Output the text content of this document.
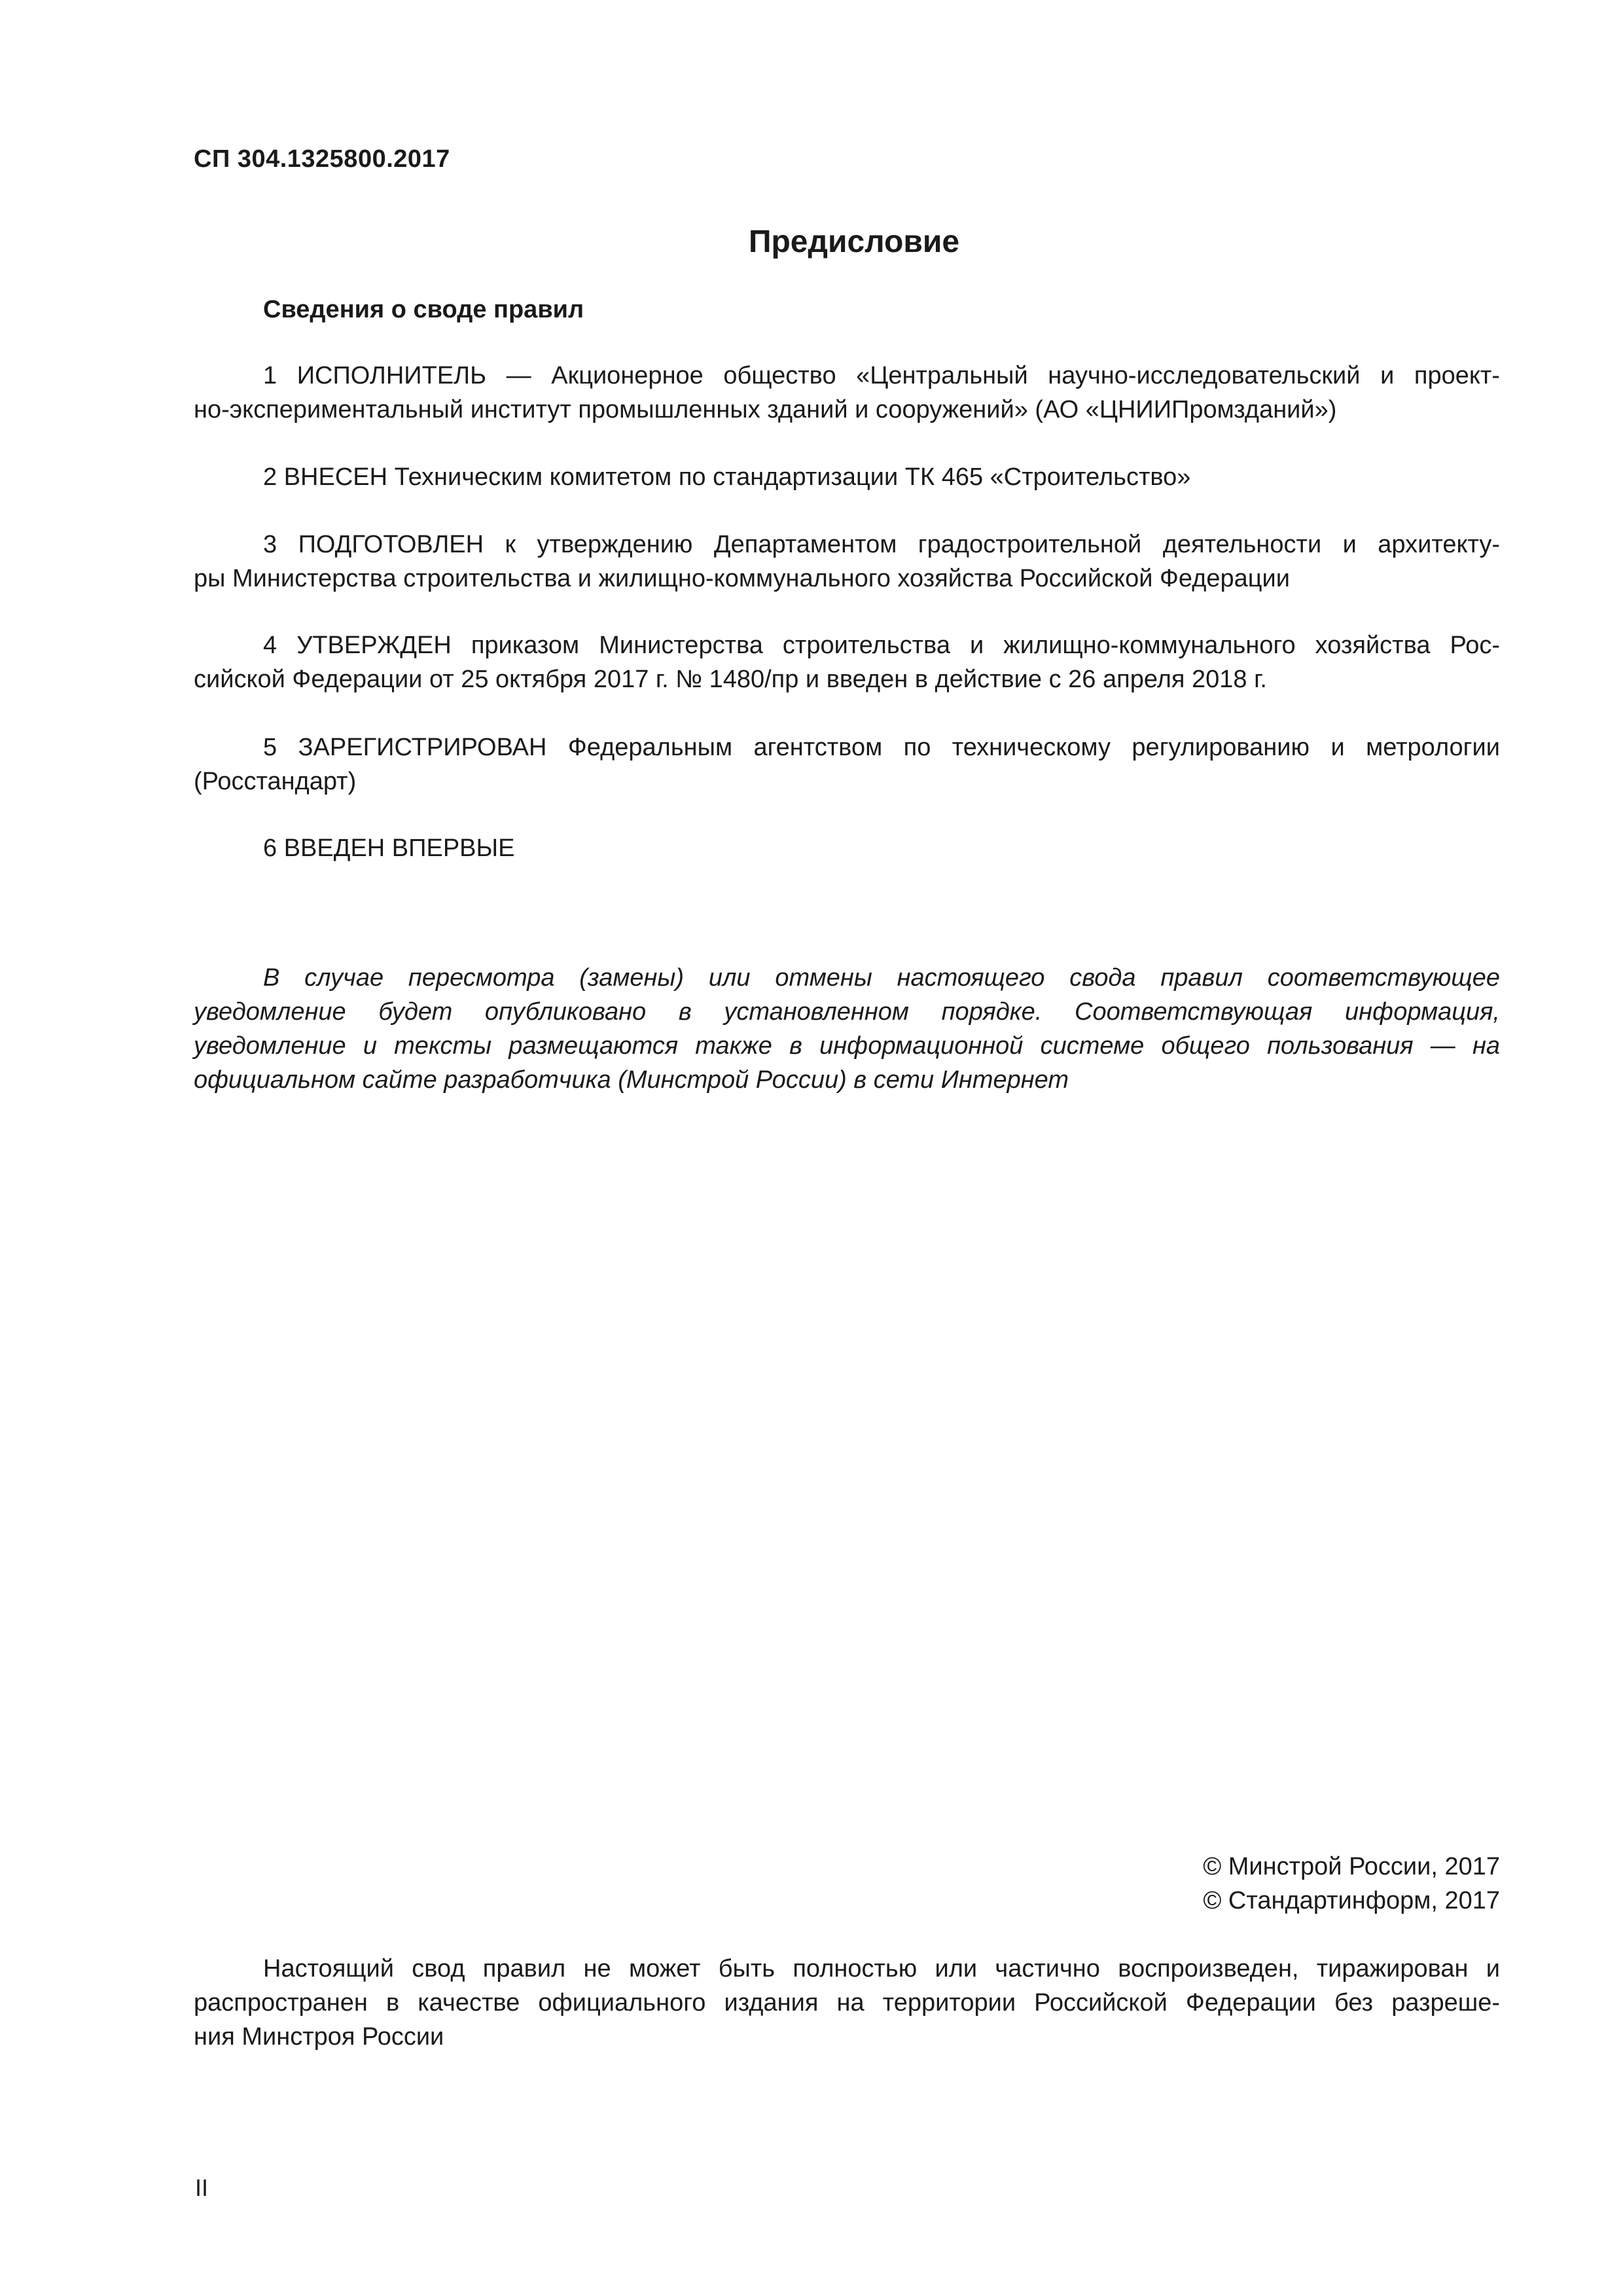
СП 304.1325800.2017
Предисловие
Сведения о своде правил
1 ИСПОЛНИТЕЛЬ — Акционерное общество «Центральный научно-исследовательский и проект-
но-экспериментальный институт промышленных зданий и сооружений» (АО «ЦНИИПромзданий»)
2 ВНЕСЕН Техническим комитетом по стандартизации ТК 465 «Строительство»
3 ПОДГОТОВЛЕН к утверждению Департаментом градостроительной деятельности и архитекту-
ры Министерства строительства и жилищно-коммунального хозяйства Российской Федерации
4 УТВЕРЖДЕН приказом Министерства строительства и жилищно-коммунального хозяйства Рос-
сийской Федерации от 25 октября 2017 г. № 1480/пр и введен в действие с 26 апреля 2018 г.
5 ЗАРЕГИСТРИРОВАН Федеральным агентством по техническому регулированию и метрологии
(Росстандарт)
6 ВВЕДЕН ВПЕРВЫЕ
В случае пересмотра (замены) или отмены настоящего свода правил соответствующее
уведомление будет опубликовано в установленном порядке. Соответствующая информация,
уведомление и тексты размещаются также в информационной системе общего пользования — на
официальном сайте разработчика (Минстрой России) в сети Интернет
© Минстрой России, 2017
© Стандартинформ, 2017
Настоящий свод правил не может быть полностью или частично воспроизведен, тиражирован и
распространен в качестве официального издания на территории Российской Федерации без разреше-
ния Минстроя России
II
